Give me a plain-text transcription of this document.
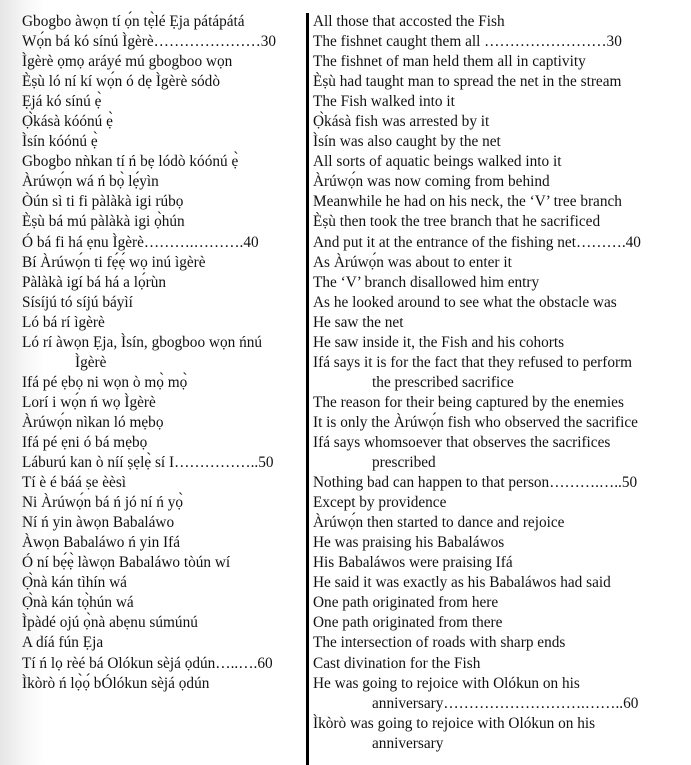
Gbogbo àwọn tí ọ́n tẹ̀lé Ẹja pátápátá
Wọ́n bá kó sínú Ìgèrè…………………30
Ìgèrè ọmọ aráyé mú gbogboo wọn
Èṣù ló ní kí wọ́n ó dẹ Ìgèrè sódò
Ẹjá kó sínú ẹ̀
Ọ̀kásà kóónú ẹ̀
Ìsín kóónú ẹ̀
Gbogbo nǹkan tí ń bẹ lódò kóónú ẹ̀
Àrúwọ́n wá ń bọ̀ lẹ́yìn
Òún sì ti fi pàlàkà igi rúbọ
Èṣù bá mú pàlàkà igi ọ̀hún
Ó bá fi há ẹnu Ìgèrè……….……….40
Bí Àrúwọ́n ti fẹ́ẹ́ wọ inú ìgèrè
Pàlàkà igí bá há a lọ́rùn
Sísíjú tó síjú báyìí
Ló bá rí ìgèrè
Ló rí àwọn Ẹja, Ìsín, gbogboo wọn ńnú
Ìgèrè
Ifá pé ẹbọ ni wọn ò mọ̀ mọ̀
Lorí i wọ́n ń wọ Ìgèrè
Àrúwọ́n nìkan ló mẹbọ
Ifá pé ẹni ó bá mẹbọ
Láburú kan ò níí ṣẹlẹ̀ sí I……………..50
Tí è é báá ṣe èèsì
Ni Àrúwọ́n bá ń jó ní ń yọ̀
Ní ń yin àwọn Babaláwo
Àwọn Babaláwo ń yin Ifá
Ó ní bẹ́ẹ̀ làwọn Babaláwo tòún wí
Ọ̀nà kán tìhín wá
Ọ̀nà kán tọ̀hún wá
Ìpàdé ojú ọ̀nà abẹnu súmúnú
A díá fún Ẹja
Tí ń lọ rèé bá Olókun sèjá ọdún…..….60
Ìkòrò ń lọ̀ọ́ bÓlókun sèjá ọdún
All those that accosted the Fish
The fishnet caught them all ……………………30
The fishnet of man held them all in captivity
Èṣù had taught man to spread the net in the stream
The Fish walked into it
Ọ̀kásà fish was arrested by it
Ìsín was also caught by the net
All sorts of aquatic beings walked into it
Àrúwọ́n was now coming from behind
Meanwhile he had on his neck, the ‘V’ tree branch
Èṣù then took the tree branch that he sacrificed
And put it at the entrance of the fishing net……….40
As Àrúwọ́n was about to enter it
The ‘V’ branch disallowed him entry
As he looked around to see what the obstacle was
He saw the net
He saw inside it, the Fish and his cohorts
Ifá says it is for the fact that they refused to perform
the prescribed sacrifice
The reason for their being captured by the enemies
It is only the Àrúwọ́n fish who observed the sacrifice
Ifá says whomsoever that observes the sacrifices
prescribed
Nothing bad can happen to that person……….…..50
Except by providence
Àrúwọ́n then started to dance and rejoice
He was praising his Babaláwos
His Babaláwos were praising Ifá
He said it was exactly as his Babaláwos had said
One path originated from here
One path originated from there
The intersection of roads with sharp ends
Cast divination for the Fish
He was going to rejoice with Olókun on his
anniversary……………………….……..60
Ìkòrò was going to rejoice with Olókun on his
anniversary
